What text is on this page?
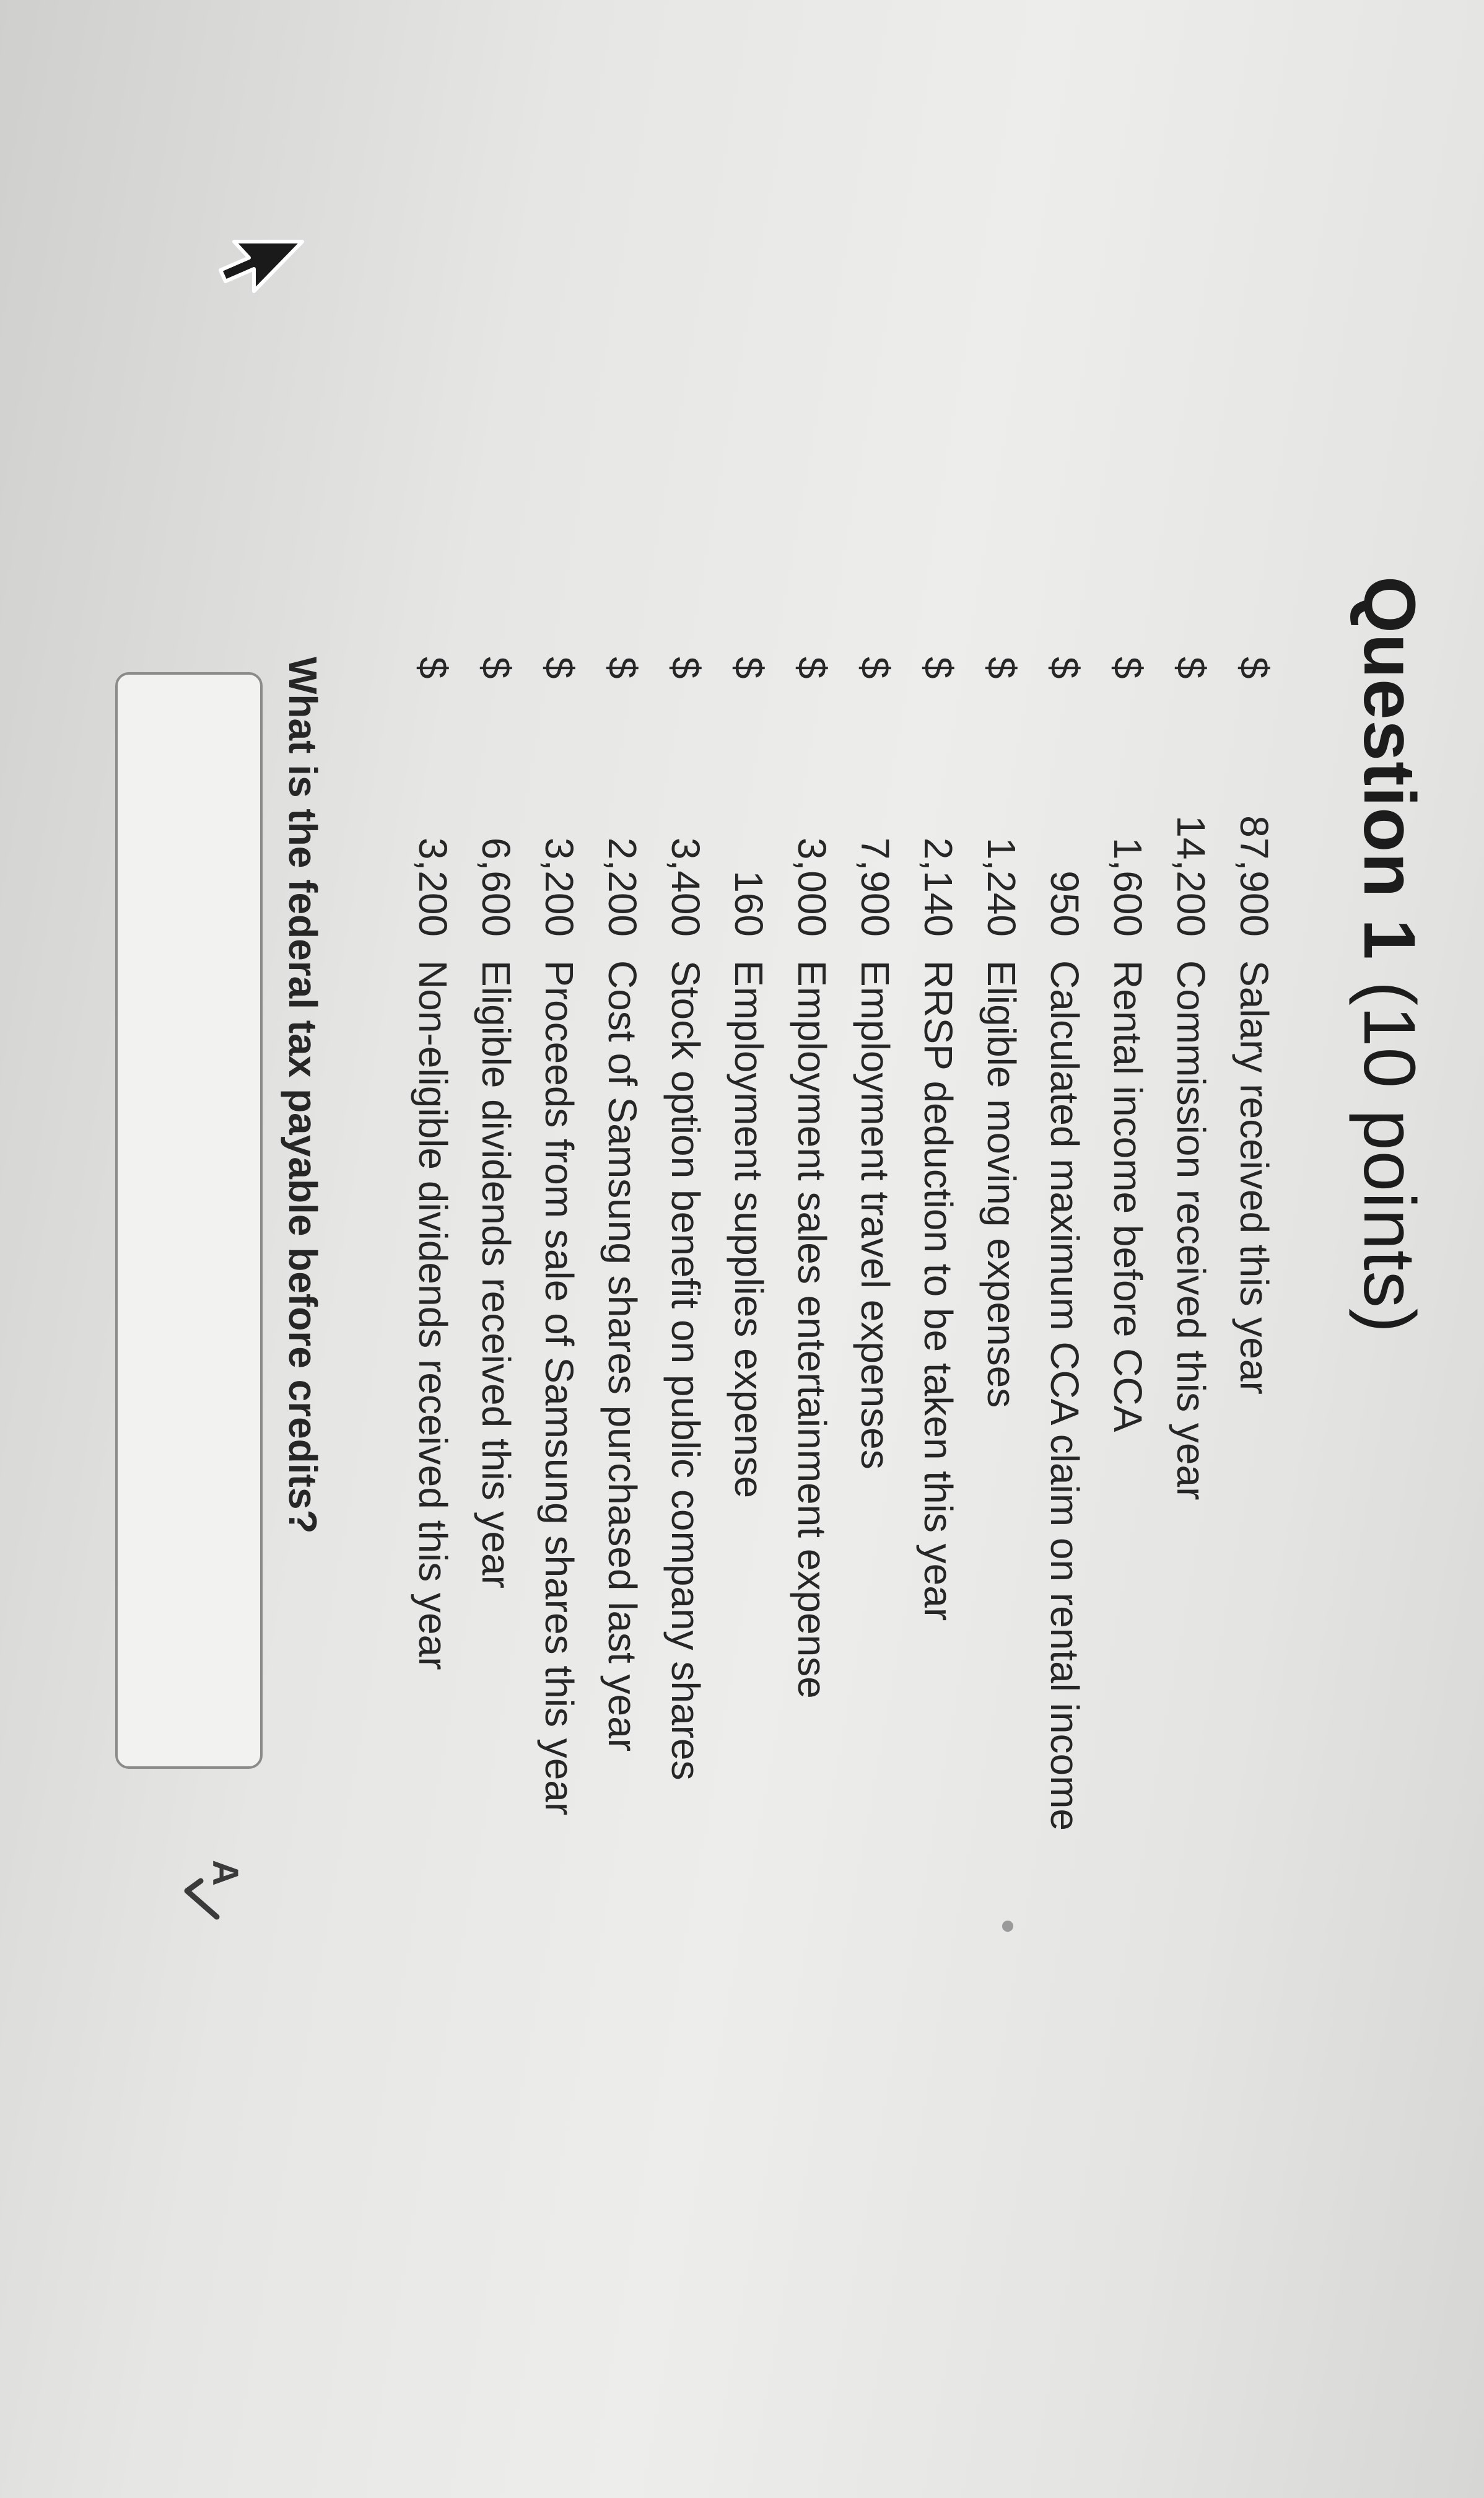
Question 1 (10 points)
$
87,900
Salary received this year
$
14,200
Commission received this year
$
1,600
Rental income before CCA
$
950
Calculated maximum CCA claim on rental income
$
1,240
Eligible moving expenses
$
2,140
RRSP deduction to be taken this year
$
7,900
Employment travel expenses
$
3,000
Employment sales entertainment expense
$
160
Employment supplies expense
$
3,400
Stock option benefit on public company shares
$
2,200
Cost of Samsung shares purchased last year
$
3,200
Proceeds from sale of Samsung shares this year
$
6,600
Eligible dividends received this year
$
3,200
Non-eligible dividends received this year
What is the federal tax payable before credits?
A
